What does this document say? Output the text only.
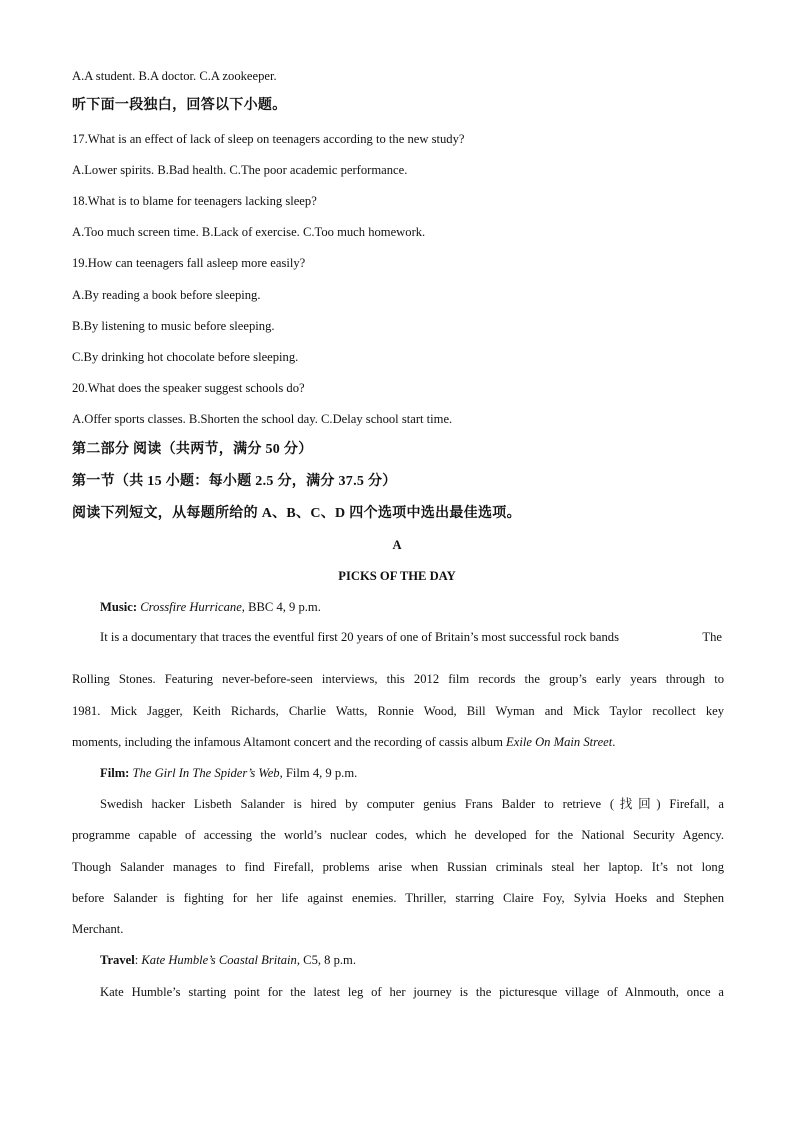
A.A student. B.A doctor. C.A zookeeper.
听下面一段独白，回答以下小题。
17.What is an effect of lack of sleep on teenagers according to the new study?
A.Lower spirits. B.Bad health. C.The poor academic performance.
18.What is to blame for teenagers lacking sleep?
A.Too much screen time. B.Lack of exercise. C.Too much homework.
19.How can teenagers fall asleep more easily?
A.By reading a book before sleeping.
B.By listening to music before sleeping.
C.By drinking hot chocolate before sleeping.
20.What does the speaker suggest schools do?
A.Offer sports classes. B.Shorten the school day. C.Delay school start time.
第二部分 阅读（共两节，满分 50 分）
第一节（共 15 小题：每小题 2.5 分，满分 37.5 分）
阅读下列短文，从每题所给的 A、B、C、D 四个选项中选出最佳选项。
A
PICKS OF THE DAY
Music: Crossfire Hurricane, BBC 4, 9 p.m.
It is a documentary that traces the eventful first 20 years of one of Britain’s most successful rock bands	The
Rolling Stones. Featuring never-before-seen interviews, this 2012 film records the group’s early years through to
1981. Mick Jagger, Keith Richards, Charlie Watts, Ronnie Wood, Bill Wyman and Mick Taylor recollect key
moments, including the infamous Altamont concert and the recording of cassis album Exile On Main Street.
Film: The Girl In The Spider’s Web, Film 4, 9 p.m.
Swedish hacker Lisbeth Salander is hired by computer genius Frans Balder to retrieve (找回) Firefall, a
programme capable of accessing the world’s nuclear codes, which he developed for the National Security Agency.
Though Salander manages to find Firefall, problems arise when Russian criminals steal her laptop. It’s not long
before Salander is fighting for her life against enemies. Thriller, starring Claire Foy, Sylvia Hoeks and Stephen
Merchant.
Travel: Kate Humble’s Coastal Britain, C5, 8 p.m.
Kate Humble’s starting point for the latest leg of her journey is the picturesque village of Alnmouth, once a
